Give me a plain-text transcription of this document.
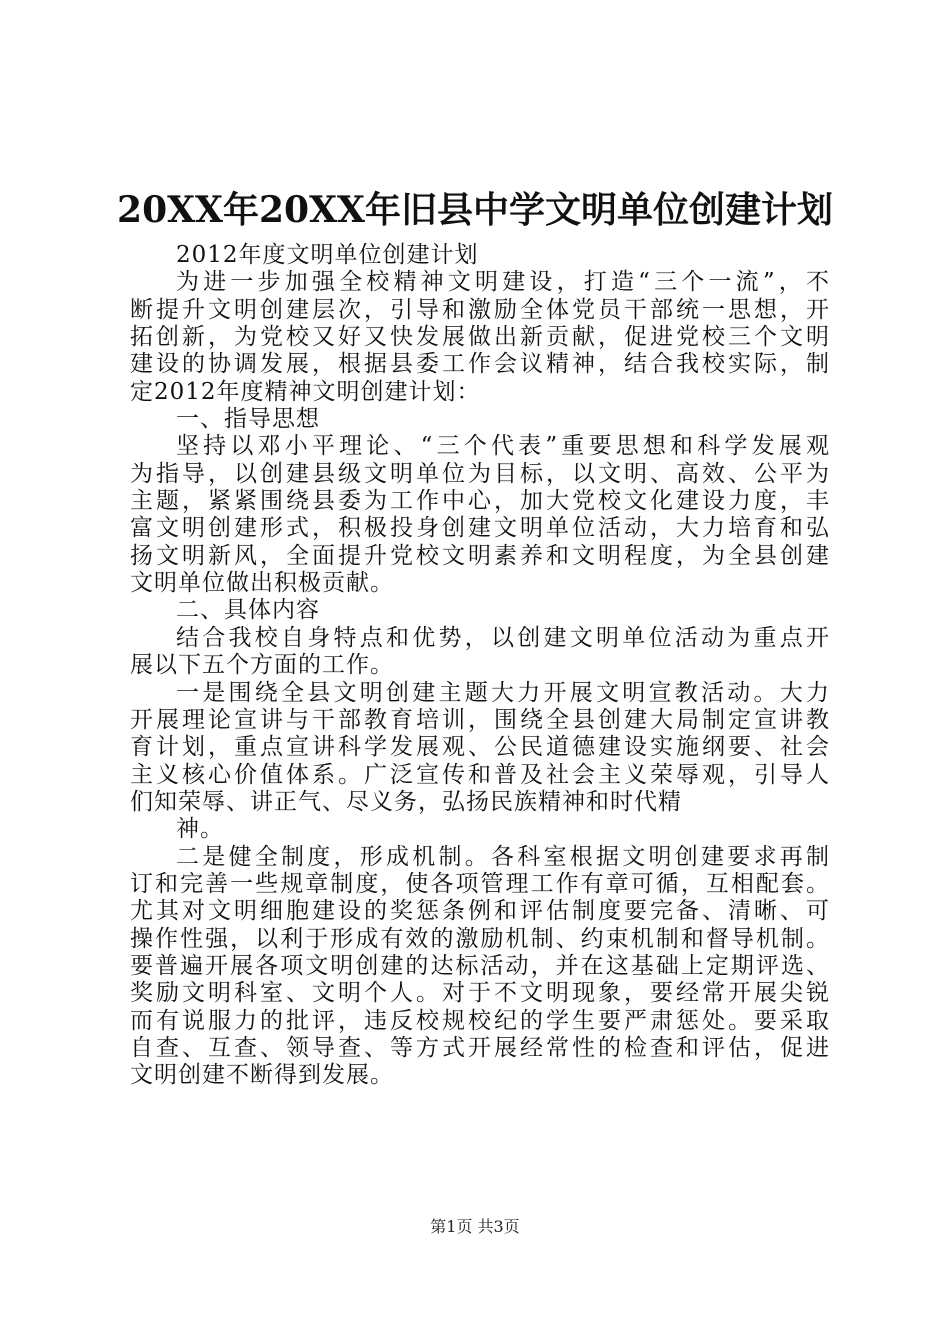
20XX年20XX年旧县中学文明单位创建计划
2012年度文明单位创建计划
为进一步加强全校精神文明建设，打造“三个一流”，不
断提升文明创建层次，引导和激励全体党员干部统一思想，开
拓创新，为党校又好又快发展做出新贡献，促进党校三个文明
建设的协调发展，根据县委工作会议精神，结合我校实际，制
定2012年度精神文明创建计划：
一、指导思想
坚持以邓小平理论、“三个代表”重要思想和科学发展观
为指导，以创建县级文明单位为目标，以文明、高效、公平为
主题，紧紧围绕县委为工作中心，加大党校文化建设力度，丰
富文明创建形式，积极投身创建文明单位活动，大力培育和弘
扬文明新风，全面提升党校文明素养和文明程度，为全县创建
文明单位做出积极贡献。
二、具体内容
结合我校自身特点和优势，以创建文明单位活动为重点开
展以下五个方面的工作。
一是围绕全县文明创建主题大力开展文明宣教活动。大力
开展理论宣讲与干部教育培训，围绕全县创建大局制定宣讲教
育计划，重点宣讲科学发展观、公民道德建设实施纲要、社会
主义核心价值体系。广泛宣传和普及社会主义荣辱观，引导人
们知荣辱、讲正气、尽义务，弘扬民族精神和时代精
神。
二是健全制度，形成机制。各科室根据文明创建要求再制
订和完善一些规章制度，使各项管理工作有章可循，互相配套。
尤其对文明细胞建设的奖惩条例和评估制度要完备、清晰、可
操作性强，以利于形成有效的激励机制、约束机制和督导机制。
要普遍开展各项文明创建的达标活动，并在这基础上定期评选、
奖励文明科室、文明个人。对于不文明现象，要经常开展尖锐
而有说服力的批评，违反校规校纪的学生要严肃惩处。要采取
自查、互查、领导查、等方式开展经常性的检查和评估，促进
文明创建不断得到发展。
第1页 共3页
